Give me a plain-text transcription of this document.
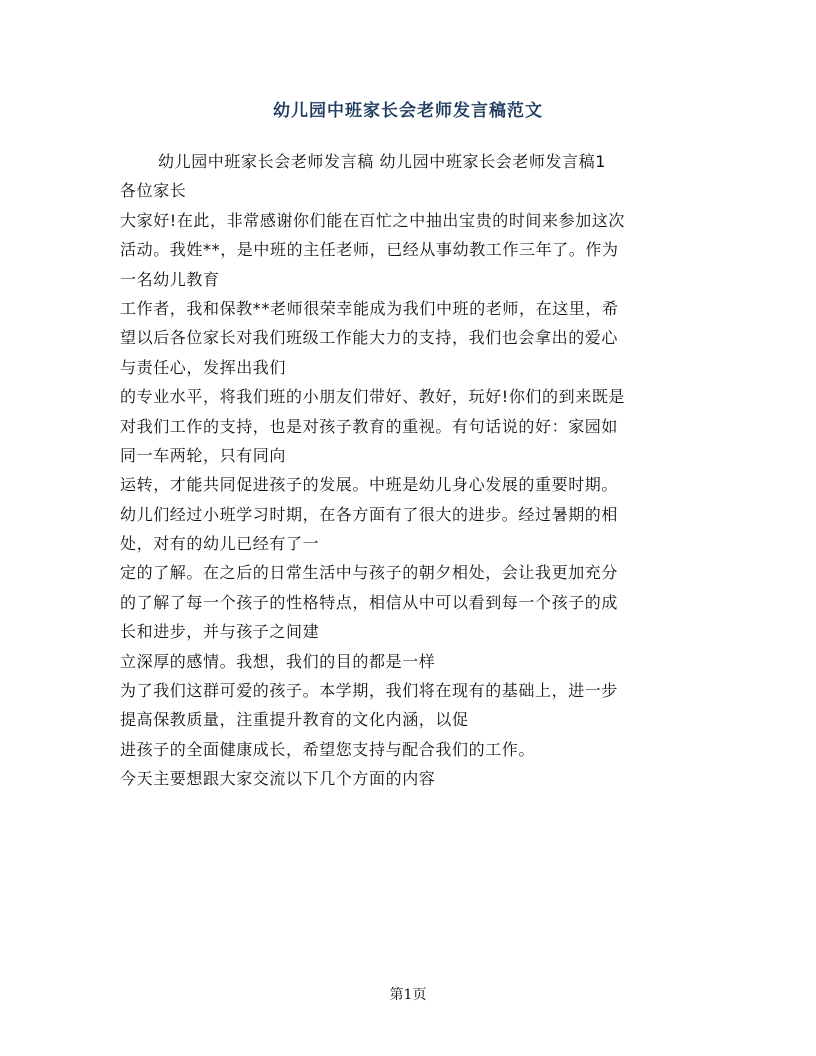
幼儿园中班家长会老师发言稿范文
幼儿园中班家长会老师发言稿 幼儿园中班家长会老师发言稿1
各位家长
大家好!在此，非常感谢你们能在百忙之中抽出宝贵的时间来参加这次
活动。我姓**，是中班的主任老师，已经从事幼教工作三年了。作为
一名幼儿教育
工作者，我和保教**老师很荣幸能成为我们中班的老师，在这里，希
望以后各位家长对我们班级工作能大力的支持，我们也会拿出的爱心
与责任心，发挥出我们
的专业水平，将我们班的小朋友们带好、教好，玩好!你们的到来既是
对我们工作的支持，也是对孩子教育的重视。有句话说的好：家园如
同一车两轮，只有同向
运转，才能共同促进孩子的发展。中班是幼儿身心发展的重要时期。
幼儿们经过小班学习时期，在各方面有了很大的进步。经过暑期的相
处，对有的幼儿已经有了一
定的了解。在之后的日常生活中与孩子的朝夕相处，会让我更加充分
的了解了每一个孩子的性格特点，相信从中可以看到每一个孩子的成
长和进步，并与孩子之间建
立深厚的感情。我想，我们的目的都是一样
为了我们这群可爱的孩子。本学期，我们将在现有的基础上，进一步
提高保教质量，注重提升教育的文化内涵，以促
进孩子的全面健康成长，希望您支持与配合我们的工作。
今天主要想跟大家交流以下几个方面的内容
第1页
